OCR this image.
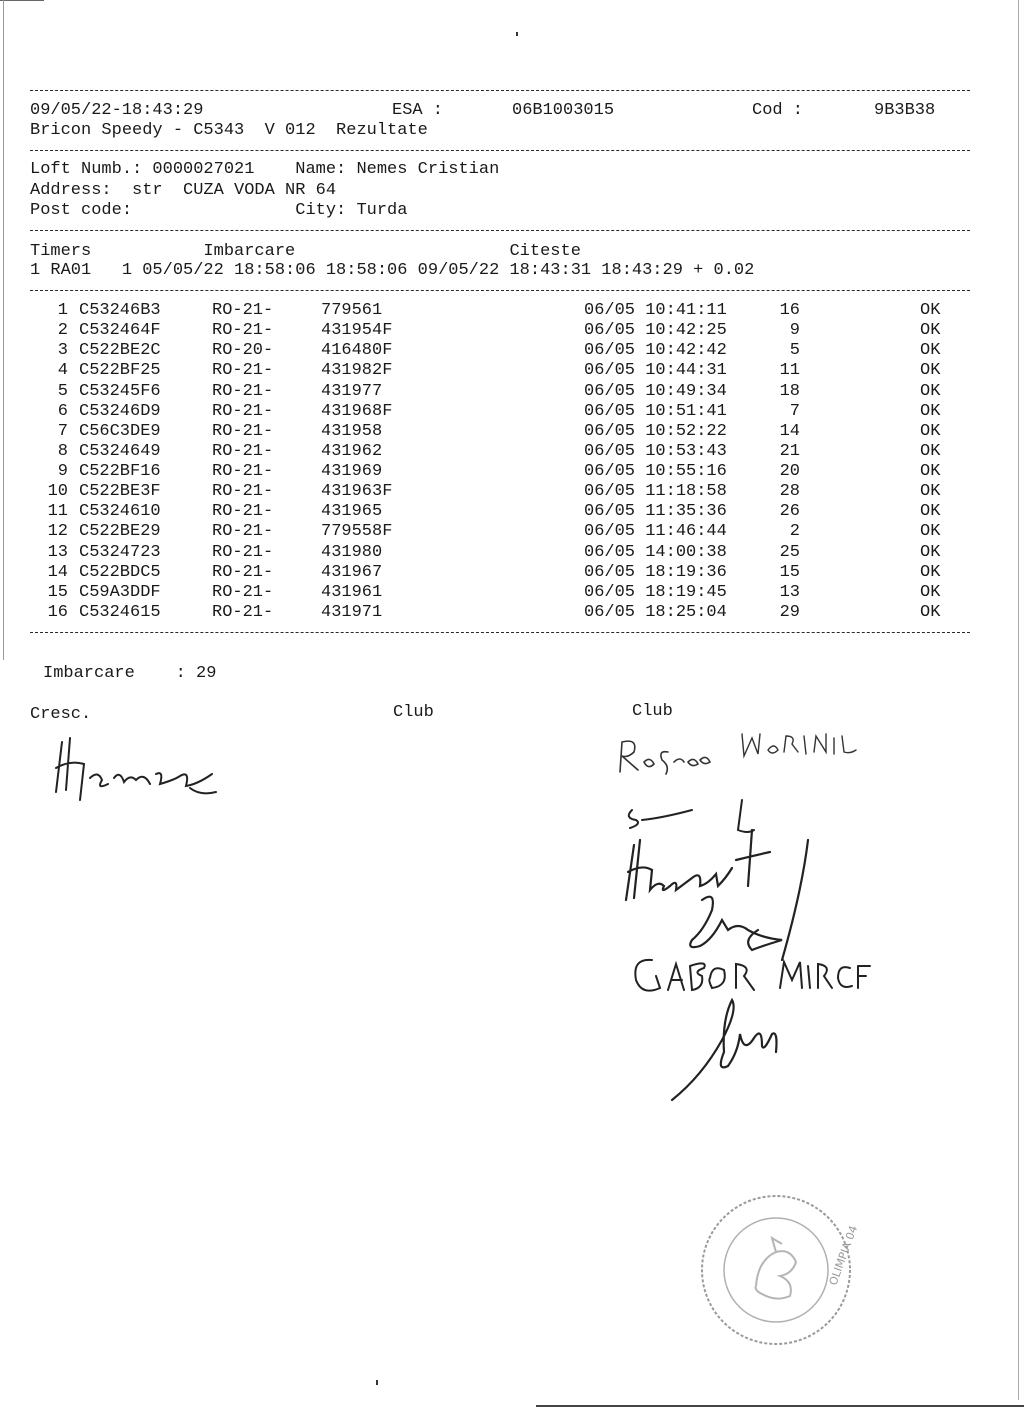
09/05/22-18:43:29	ESA :	06B1003015	Cod :	9B3B38
Bricon Speedy - C5343  V 012  Rezultate
Loft Numb.: 0000027021    Name: Nemes Cristian
Address:  str  CUZA VODA NR 64
Post code:                City: Turda
Timers           Imbarcare                     Citeste
1 RA01   1 05/05/22 18:58:06 18:58:06 09/05/22 18:43:31 18:43:29 + 0.02
1 C53246B3	RO-21-	779561	06/05 10:41:11	16	OK
2 C532464F	RO-21-	431954F	06/05 10:42:25	9	OK
3 C522BE2C	RO-20-	416480F	06/05 10:42:42	5	OK
4 C522BF25	RO-21-	431982F	06/05 10:44:31	11	OK
5 C53245F6	RO-21-	431977	06/05 10:49:34	18	OK
6 C53246D9	RO-21-	431968F	06/05 10:51:41	7	OK
7 C56C3DE9	RO-21-	431958	06/05 10:52:22	14	OK
8 C5324649	RO-21-	431962	06/05 10:53:43	21	OK
9 C522BF16	RO-21-	431969	06/05 10:55:16	20	OK
10 C522BE3F	RO-21-	431963F	06/05 11:18:58	28	OK
11 C5324610	RO-21-	431965	06/05 11:35:36	26	OK
12 C522BE29	RO-21-	779558F	06/05 11:46:44	2	OK
13 C5324723	RO-21-	431980	06/05 14:00:38	25	OK
14 C522BDC5	RO-21-	431967	06/05 18:19:36	15	OK
15 C59A3DDF	RO-21-	431961	06/05 18:19:45	13	OK
16 C5324615	RO-21-	431971	06/05 18:25:04	29	OK
Imbarcare    : 29
Cresc.	Club	Club
OLIMPIA 04
